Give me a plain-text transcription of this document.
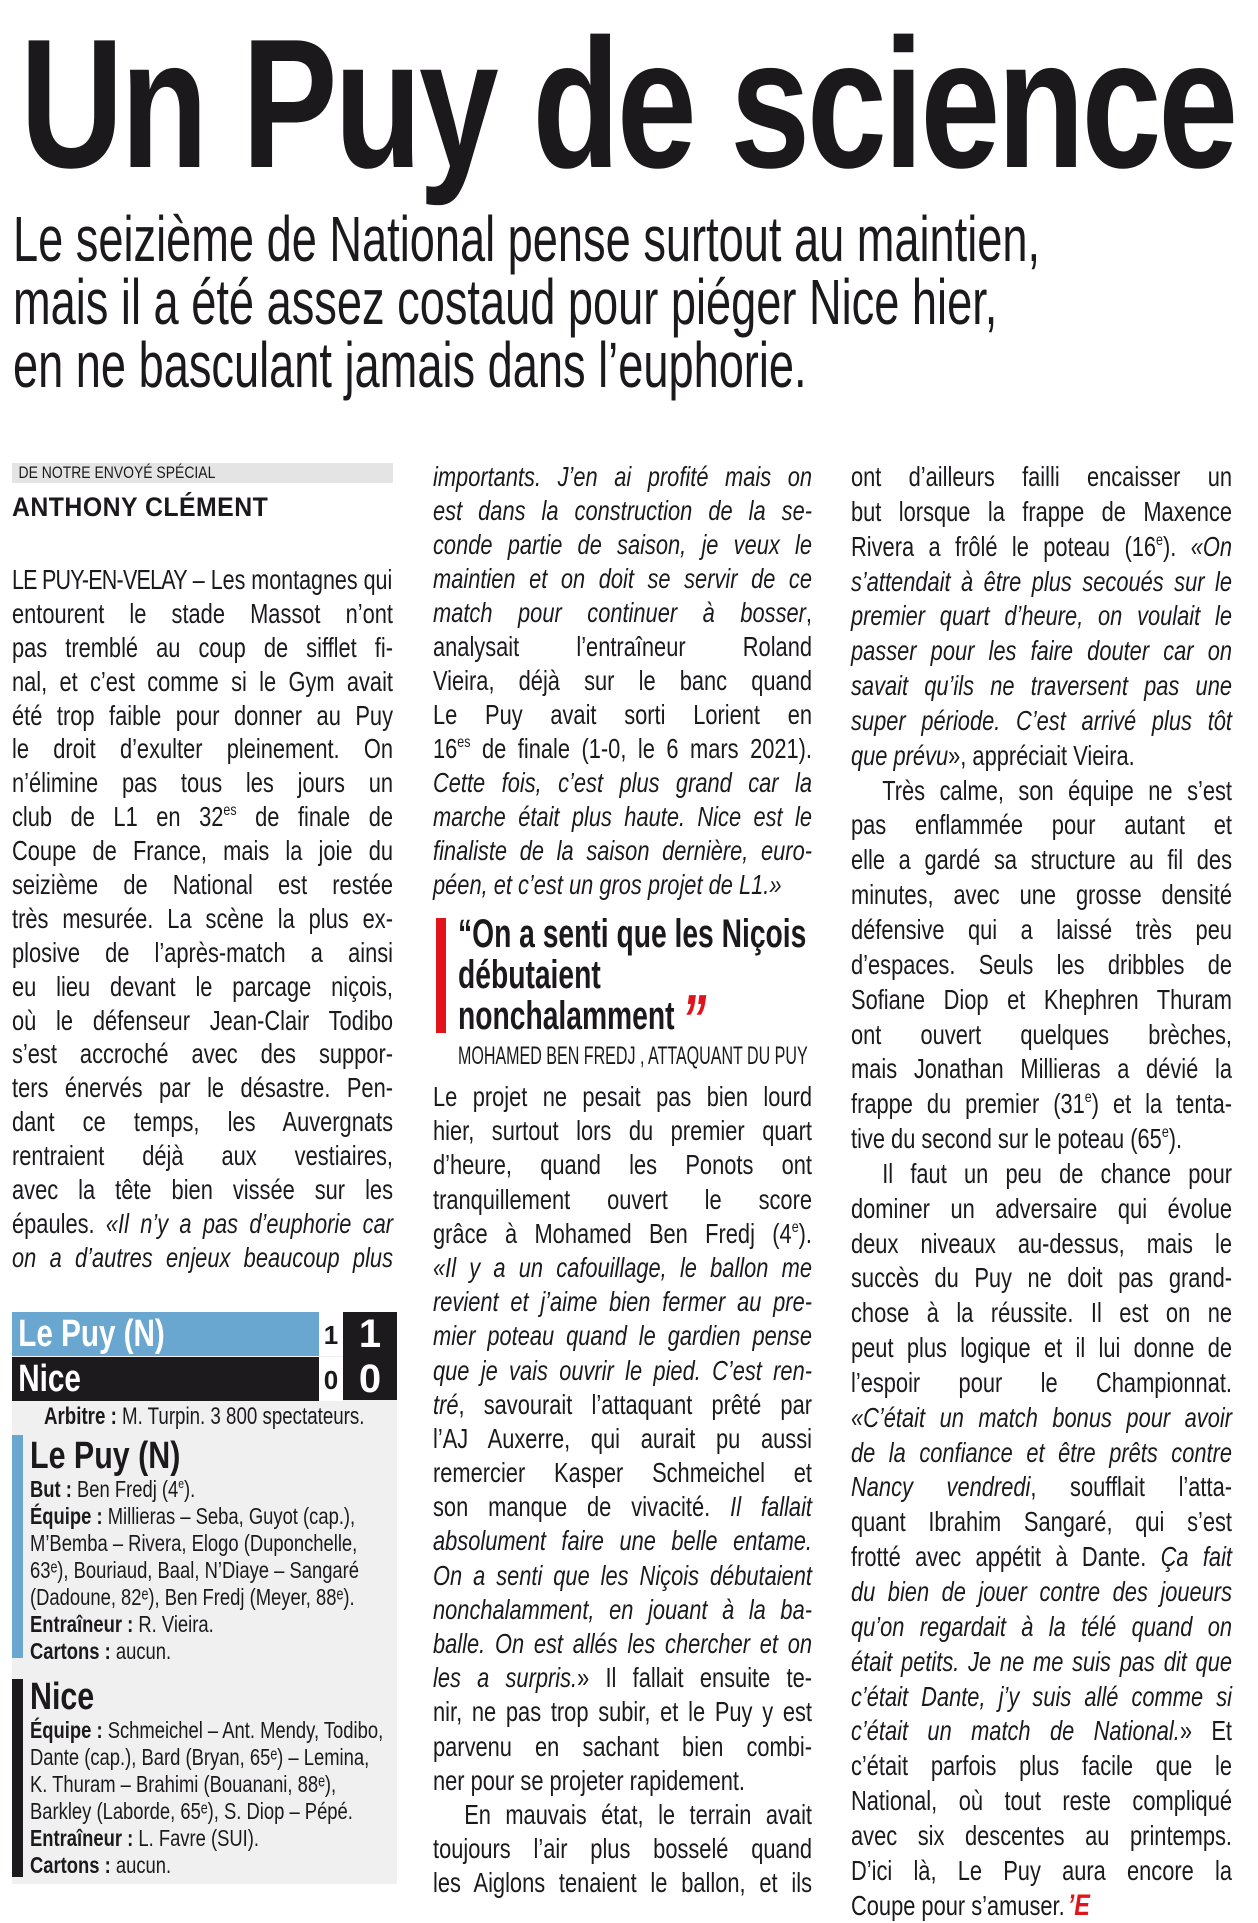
Un Puy de science
Le seizième de National pense surtout au maintien,
mais il a été assez costaud pour piéger Nice hier,
en ne basculant jamais dans l’euphorie.
DE NOTRE ENVOYÉ SPÉCIAL
ANTHONY CLÉMENT
LE PUY-EN-VELAY – Les montagnes qui
entourent le stade Massot n’ont
pas tremblé au coup de sifflet fi-
nal, et c’est comme si le Gym avait
été trop faible pour donner au Puy
le droit d’exulter pleinement. On
n’élimine pas tous les jours un
club de L1 en $32^{es}$ de finale de
Coupe de France, mais la joie du
seizième de National est restée
très mesurée. La scène la plus ex-
plosive de l’après-match a ainsi
eu lieu devant le parcage niçois,
où le défenseur Jean-Clair Todibo
s’est accroché avec des suppor-
ters énervés par le désastre. Pen-
dant ce temps, les Auvergnats
rentraient déjà aux vestiaires,
avec la tête bien vissée sur les
épaules. «Il n’y a pas d’euphorie car
on a d’autres enjeux beaucoup plus
importants. J’en ai profité mais on
est dans la construction de la se-
conde partie de saison, je veux le
maintien et on doit se servir de ce
match pour continuer à bosser,
analysait l’entraîneur Roland
Vieira, déjà sur le banc quand
Le Puy avait sorti Lorient en
$16^{es}$ de finale (1-0, le 6 mars 2021).
Cette fois, c’est plus grand car la
marche était plus haute. Nice est le
finaliste de la saison dernière, euro-
péen, et c’est un gros projet de L1.»
Le projet ne pesait pas bien lourd
hier, surtout lors du premier quart
d’heure, quand les Ponots ont
tranquillement ouvert le score
grâce à Mohamed Ben Fredj (4e).
«Il y a un cafouillage, le ballon me
revient et j’aime bien fermer au pre-
mier poteau quand le gardien pense
que je vais ouvrir le pied. C’est ren-
tré, savourait l’attaquant prêté par
l’AJ Auxerre, qui aurait pu aussi
remercier Kasper Schmeichel et
son manque de vivacité. Il fallait
absolument faire une belle entame.
On a senti que les Niçois débutaient
nonchalamment, en jouant à la ba-
balle. On est allés les chercher et on
les a surpris.» Il fallait ensuite te-
nir, ne pas trop subir, et le Puy y est
parvenu en sachant bien combi-
ner pour se projeter rapidement.
En mauvais état, le terrain avait
toujours l’air plus bosselé quand
les Aiglons tenaient le ballon, et ils
ont d’ailleurs failli encaisser un
but lorsque la frappe de Maxence
Rivera a frôlé le poteau (16e). «On
s’attendait à être plus secoués sur le
premier quart d’heure, on voulait le
passer pour les faire douter car on
savait qu’ils ne traversent pas une
super période. C’est arrivé plus tôt
que prévu», appréciait Vieira.
Très calme, son équipe ne s’est
pas enflammée pour autant et
elle a gardé sa structure au fil des
minutes, avec une grosse densité
défensive qui a laissé très peu
d’espaces. Seuls les dribbles de
Sofiane Diop et Khephren Thuram
ont ouvert quelques brèches,
mais Jonathan Millieras a dévié la
frappe du premier (31e) et la tenta-
tive du second sur le poteau (65e).
Il faut un peu de chance pour
dominer un adversaire qui évolue
deux niveaux au-dessus, mais le
succès du Puy ne doit pas grand-
chose à la réussite. Il est on ne
peut plus logique et il lui donne de
l’espoir pour le Championnat.
«C’était un match bonus pour avoir
de la confiance et être prêts contre
Nancy vendredi, soufflait l’atta-
quant Ibrahim Sangaré, qui s’est
frotté avec appétit à Dante. Ça fait
du bien de jouer contre des joueurs
qu’on regardait à la télé quand on
était petits. Je ne me suis pas dit que
c’était Dante, j’y suis allé comme si
c’était un match de National.» Et
c’était parfois plus facile que le
National, où tout reste compliqué
avec six descentes au printemps.
D’ici là, Le Puy aura encore la
Coupe pour s’amuser. ’E
“On a senti que les Niçois
débutaient
nonchalamment ”
MOHAMED BEN FREDJ , ATTAQUANT DU PUY
Le Puy (N)
Nice
1
0
1
0
Arbitre : M. Turpin. 3 800 spectateurs.
Le Puy (N)

But : Ben Fredj (4e).

Équipe : Millieras – Seba, Guyot (cap.),

M’Bemba – Rivera, Elogo (Duponchelle,

63ᵉ), Bouriaud, Baal, N’Diaye – Sangaré

(Dadoune, 82ᵉ), Ben Fredj (Meyer, 88ᵉ).

Entraîneur : R. Vieira.

Cartons : aucun.

Nice

Équipe : Schmeichel – Ant. Mendy, Todibo,

Dante (cap.), Bard (Bryan, 65ᵉ) – Lemina,

K. Thuram – Brahimi (Bouanani, 88ᵉ),

Barkley (Laborde, 65ᵉ), S. Diop – Pépé.

Entraîneur : L. Favre (SUI).

Cartons : aucun.
